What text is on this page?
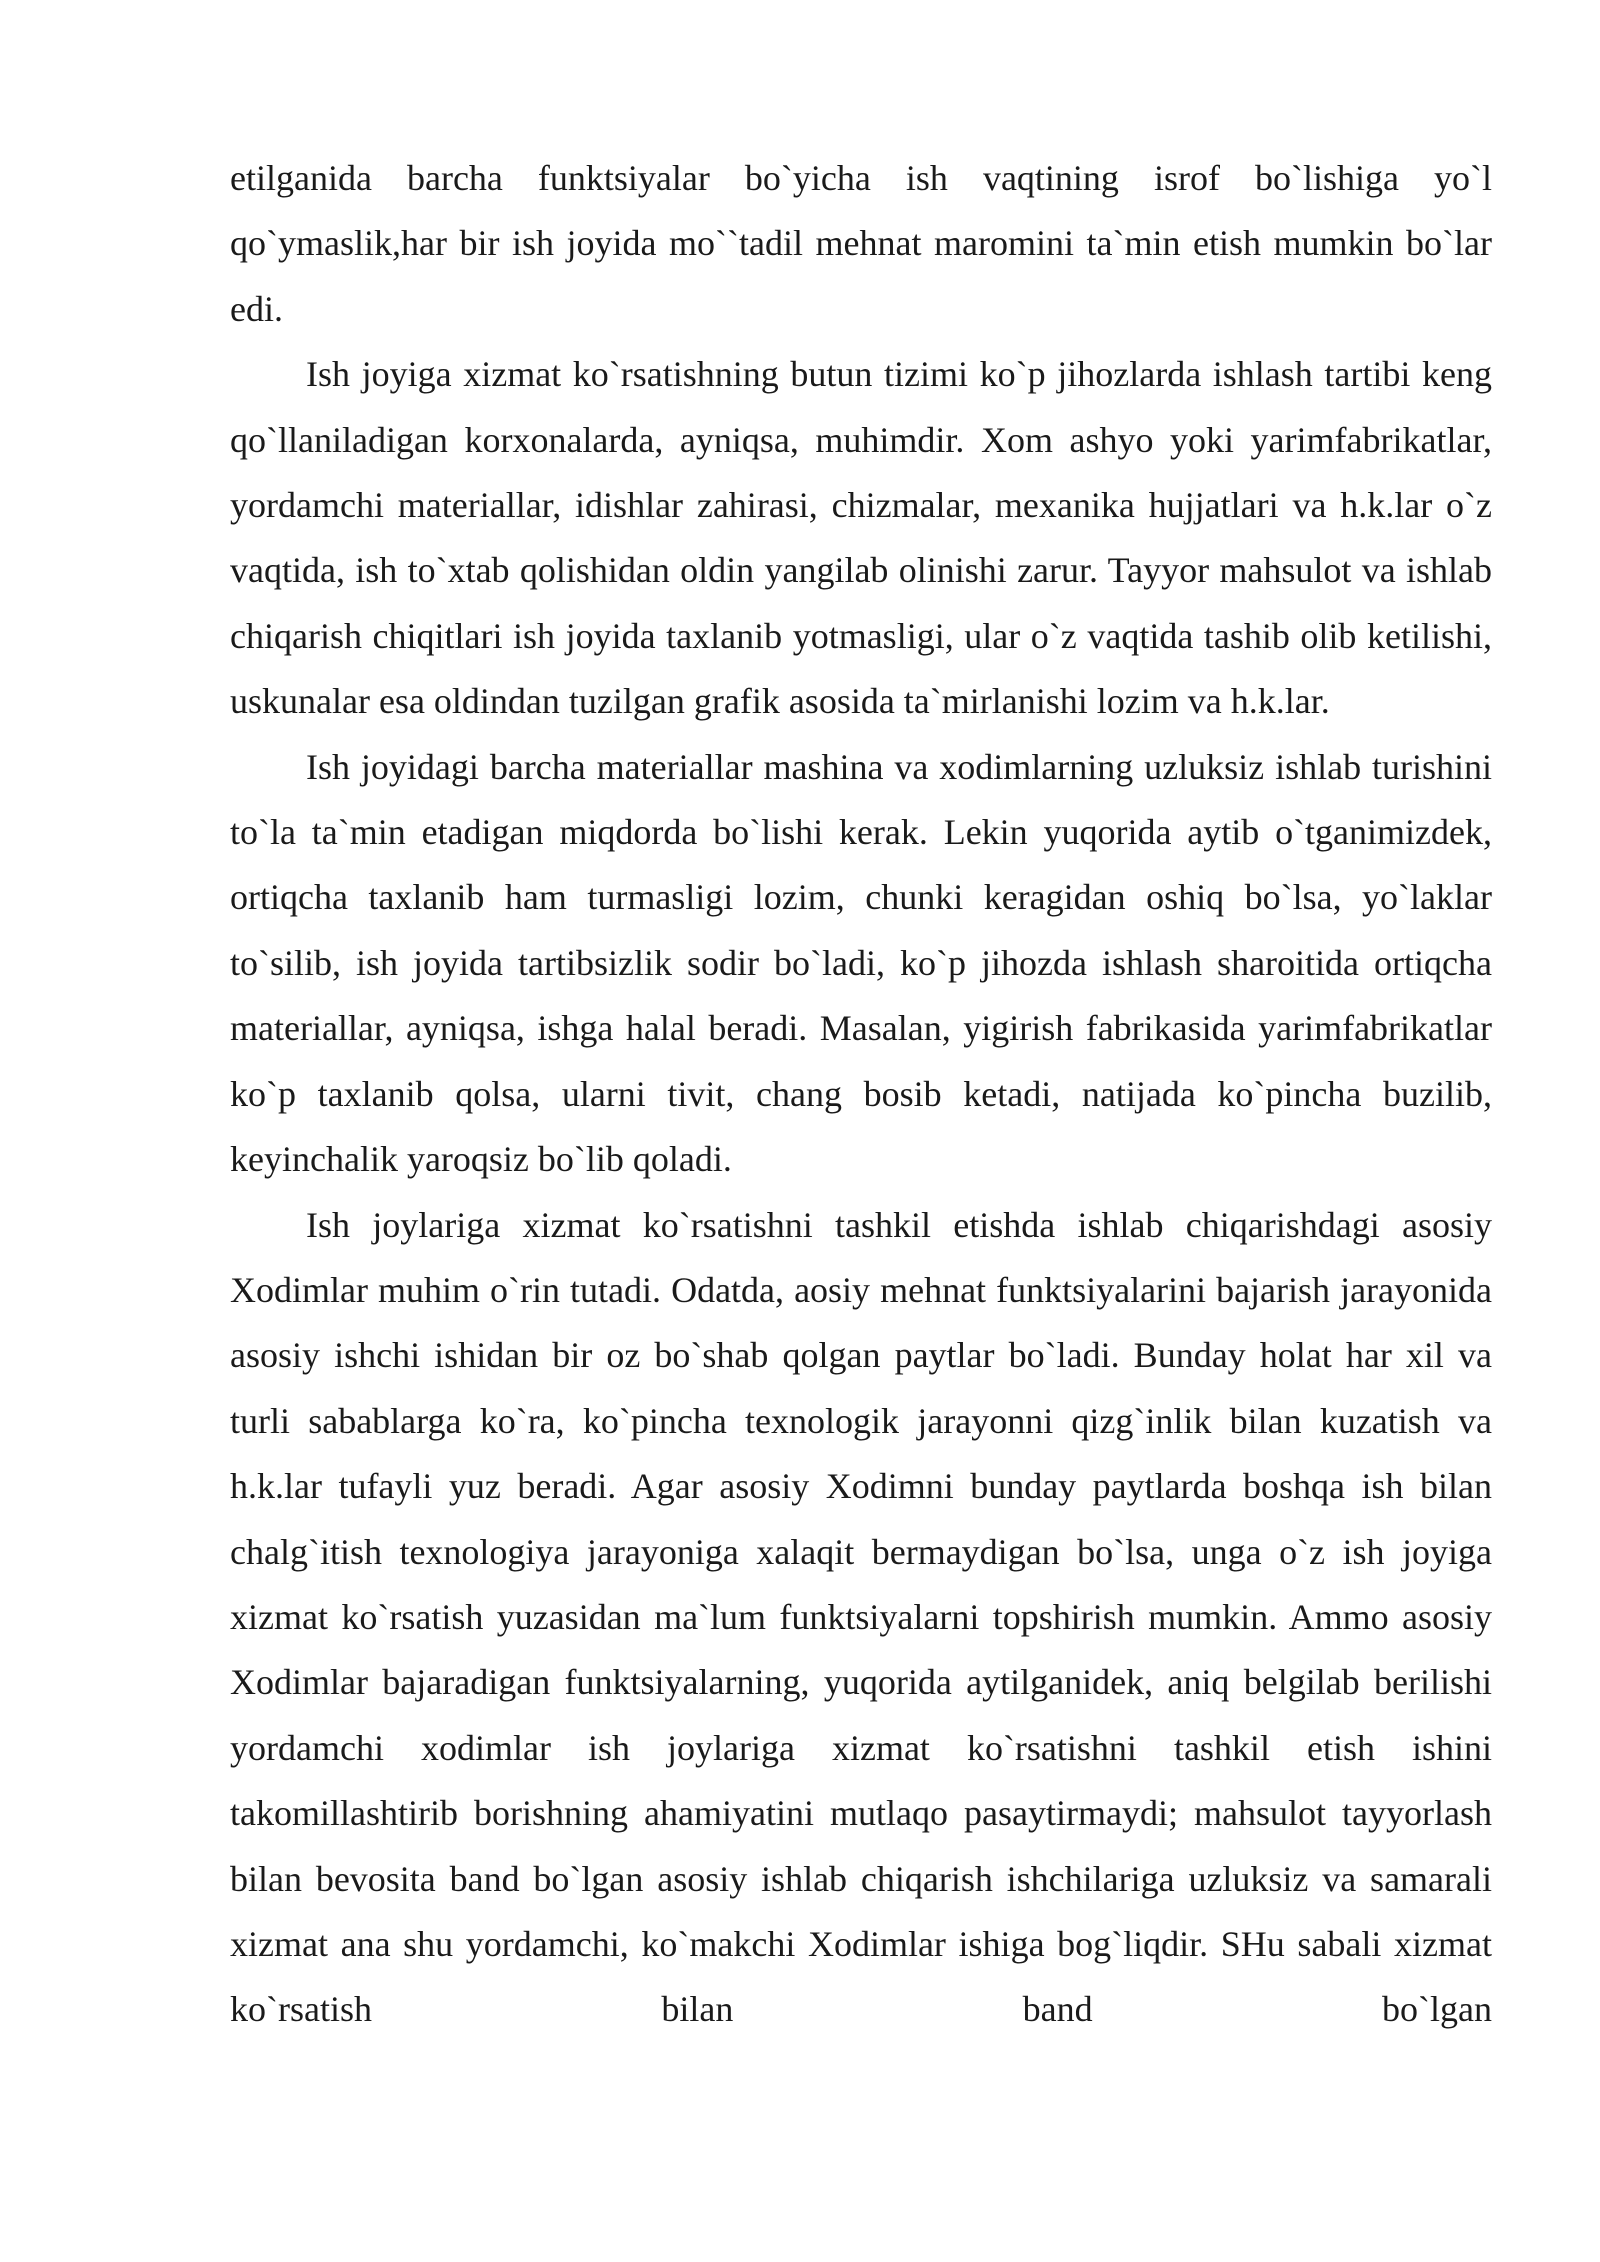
etilganida barcha funktsiyalar bo`yicha ish vaqtining isrof bo`lishiga yo`l qo`ymaslik,har bir ish joyida mo``tadil mehnat maromini ta`min etish mumkin bo`lar edi.

Ish joyiga xizmat ko`rsatishning butun tizimi ko`p jihozlarda ishlash tartibi keng qo`llaniladigan korxonalarda, ayniqsa, muhimdir. Xom ashyo yoki yarimfabrikatlar, yordamchi materiallar, idishlar zahirasi, chizmalar, mexanika hujjatlari va h.k.lar o`z vaqtida, ish to`xtab qolishidan oldin yangilab olinishi zarur. Tayyor mahsulot va ishlab chiqarish chiqitlari ish joyida taxlanib yotmasligi, ular o`z vaqtida tashib olib ketilishi, uskunalar esa oldindan tuzilgan grafik asosida ta`mirlanishi lozim va h.k.lar.

Ish joyidagi barcha materiallar mashina va xodimlarning uzluksiz ishlab turishini to`la ta`min etadigan miqdorda bo`lishi kerak. Lekin yuqorida aytib o`tganimizdek, ortiqcha taxlanib ham turmasligi lozim, chunki keragidan oshiq bo`lsa, yo`laklar to`silib, ish joyida tartibsizlik sodir bo`ladi, ko`p jihozda ishlash sharoitida ortiqcha materiallar, ayniqsa, ishga halal beradi. Masalan, yigirish fabrikasida yarimfabrikatlar ko`p taxlanib qolsa, ularni tivit, chang bosib ketadi, natijada ko`pincha buzilib, keyinchalik yaroqsiz bo`lib qoladi.

Ish joylariga xizmat ko`rsatishni tashkil etishda ishlab chiqarishdagi asosiy Xodimlar muhim o`rin tutadi. Odatda, aosiy mehnat funktsiyalarini bajarish jarayonida asosiy ishchi ishidan bir oz bo`shab qolgan paytlar bo`ladi. Bunday holat har xil va turli sabablarga ko`ra, ko`pincha texnologik jarayonni qizg`inlik bilan kuzatish va h.k.lar tufayli yuz beradi. Agar asosiy Xodimni bunday paytlarda boshqa ish bilan chalg`itish texnologiya jarayoniga xalaqit bermaydigan bo`lsa, unga o`z ish joyiga xizmat ko`rsatish yuzasidan ma`lum funktsiyalarni topshirish mumkin. Ammo asosiy Xodimlar bajaradigan funktsiyalarning, yuqorida aytilganidek, aniq belgilab berilishi yordamchi xodimlar ish joylariga xizmat ko`rsatishni tashkil etish ishini takomillashtirib borishning ahamiyatini mutlaqo pasaytirmaydi; mahsulot tayyorlash bilan bevosita band bo`lgan asosiy ishlab chiqarish ishchilariga uzluksiz va samarali xizmat ana shu yordamchi, ko`makchi Xodimlar ishiga bog`liqdir. SHu sabali xizmat ko`rsatish bilan band bo`lgan
